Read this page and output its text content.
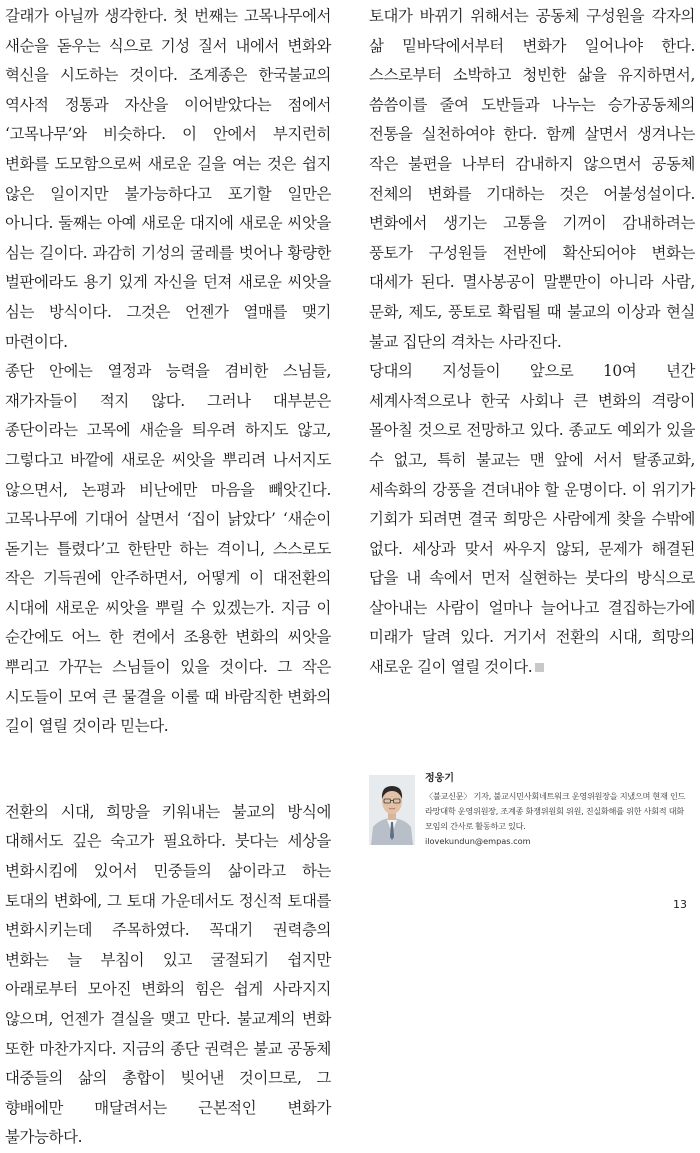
갈래가 아닐까 생각한다. 첫 번째는 고목나무에서 새순을 돋우는 식으로 기성 질서 내에서 변화와 혁신을 시도하는 것이다. 조계종은 한국불교의 역사적 정통과 자산을 이어받았다는 점에서 ‘고목나무’와 비슷하다. 이 안에서 부지런히 변화를 도모함으로써 새로운 길을 여는 것은 쉽지 않은 일이지만 불가능하다고 포기할 일만은 아니다. 둘째는 아예 새로운 대지에 새로운 씨앗을 심는 길이다. 과감히 기성의 굴레를 벗어나 황량한 벌판에라도 용기 있게 자신을 던져 새로운 씨앗을 심는 방식이다. 그것은 언젠가 열매를 맺기 마련이다.

종단 안에는 열정과 능력을 겸비한 스님들, 재가자들이 적지 않다. 그러나 대부분은 종단이라는 고목에 새순을 틔우려 하지도 않고, 그렇다고 바깥에 새로운 씨앗을 뿌리려 나서지도 않으면서, 논평과 비난에만 마음을 빼앗긴다. 고목나무에 기대어 살면서 ‘집이 낡았다’ ‘새순이 돋기는 틀렸다’고 한탄만 하는 격이니, 스스로도 작은 기득권에 안주하면서, 어떻게 이 대전환의 시대에 새로운 씨앗을 뿌릴 수 있겠는가. 지금 이 순간에도 어느 한 켠에서 조용한 변화의 씨앗을 뿌리고 가꾸는 스님들이 있을 것이다. 그 작은 시도들이 모여 큰 물결을 이룰 때 바람직한 변화의 길이 열릴 것이라 믿는다.

전환의 시대, 희망을 키워내는 불교의 방식에 대해서도 깊은 숙고가 필요하다. 붓다는 세상을 변화시킴에 있어서 민중들의 삶이라고 하는 토대의 변화에, 그 토대 가운데서도 정신적 토대를 변화시키는데 주목하였다. 꼭대기 권력층의 변화는 늘 부침이 있고 굴절되기 쉽지만 아래로부터 모아진 변화의 힘은 쉽게 사라지지 않으며, 언젠가 결실을 맺고 만다. 불교계의 변화 또한 마찬가지다. 지금의 종단 권력은 불교 공동체 대중들의 삶의 총합이 빚어낸 것이므로, 그 향배에만 매달려서는 근본적인 변화가 불가능하다.

토대가 바뀌기 위해서는 공동체 구성원을 각자의 삶 밑바닥에서부터 변화가 일어나야 한다. 스스로부터 소박하고 청빈한 삶을 유지하면서, 씀씀이를 줄여 도반들과 나누는 승가공동체의 전통을 실천하여야 한다. 함께 살면서 생겨나는 작은 불편을 나부터 감내하지 않으면서 공동체 전체의 변화를 기대하는 것은 어불성설이다. 변화에서 생기는 고통을 기꺼이 감내하려는 풍토가 구성원들 전반에 확산되어야 변화는 대세가 된다. 멸사봉공이 말뿐만이 아니라 사람, 문화, 제도, 풍토로 확립될 때 불교의 이상과 현실 불교 집단의 격차는 사라진다.

당대의 지성들이 앞으로 10여 년간 세계사적으로나 한국 사회나 큰 변화의 격랑이 몰아칠 것으로 전망하고 있다. 종교도 예외가 있을 수 없고, 특히 불교는 맨 앞에 서서 탈종교화, 세속화의 강풍을 견뎌내야 할 운명이다. 이 위기가 기회가 되려면 결국 희망은 사람에게 찾을 수밖에 없다. 세상과 맞서 싸우지 않되, 문제가 해결된 답을 내 속에서 먼저 실현하는 붓다의 방식으로 살아내는 사람이 얼마나 늘어나고 결집하는가에 미래가 달려 있다. 거기서 전환의 시대, 희망의 새로운 길이 열릴 것이다.

정웅기

〈불교신문〉 기자, 불교시민사회네트워크 운영위원장을 지냈으며 현재 인드라망대학 운영위원장, 조계종 화쟁위원회 위원, 진실화해를 위한 사회적 대화모임의 간사로 활동하고 있다.

ilovekundun@empas.com

13
